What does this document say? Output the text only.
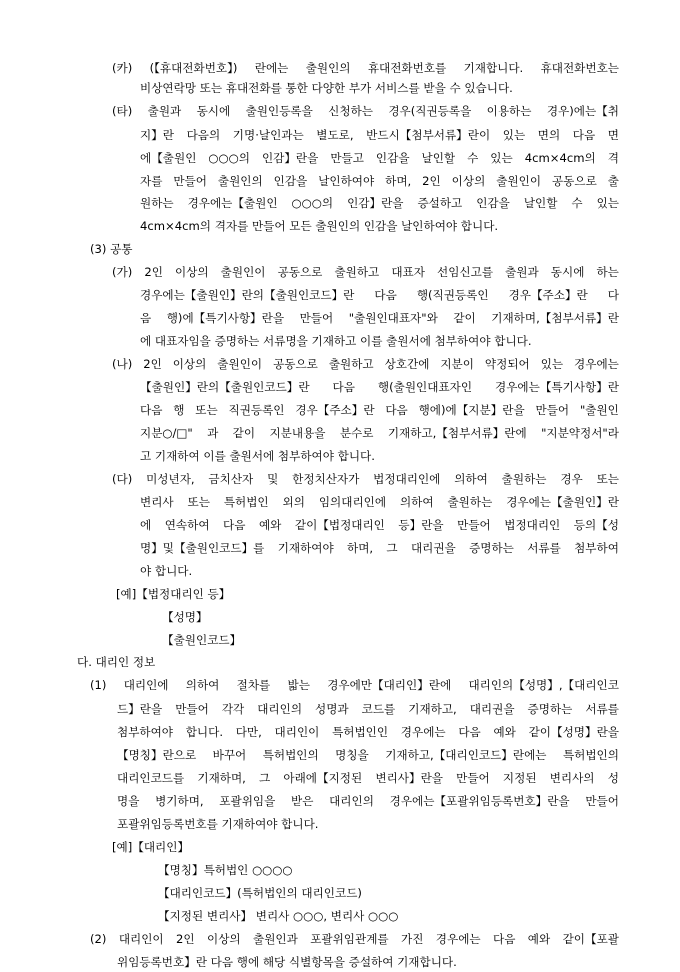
(카) (【휴대전화번호】) 란에는 출원인의 휴대전화번호를 기재합니다. 휴대전화번호는
비상연락망 또는 휴대전화를 통한 다양한 부가 서비스를 받을 수 있습니다.
(타) 출원과 동시에 출원인등록을 신청하는 경우(직권등록을 이용하는 경우)에는【취
지】란 다음의 기명·날인과는 별도로, 반드시【첨부서류】란이 있는 면의 다음 면
에【출원인 ○○○의 인감】란을 만들고 인감을 날인할 수 있는 4cm×4cm의 격
자를 만들어 출원인의 인감을 날인하여야 하며, 2인 이상의 출원인이 공동으로 출
원하는 경우에는【출원인 ○○○의 인감】란을 증설하고 인감을 날인할 수 있는
4cm×4cm의 격자를 만들어 모든 출원인의 인감을 날인하여야 합니다.
(3) 공통
(가) 2인 이상의 출원인이 공동으로 출원하고 대표자 선임신고를 출원과 동시에 하는
경우에는【출원인】란의【출원인코드】란 다음 행(직권등록인 경우【주소】란 다
음 행)에【특기사항】란을 만들어 "출원인대표자"와 같이 기재하며,【첨부서류】란
에 대표자임을 증명하는 서류명을 기재하고 이를 출원서에 첨부하여야 합니다.
(나) 2인 이상의 출원인이 공동으로 출원하고 상호간에 지분이 약정되어 있는 경우에는
【출원인】란의【출원인코드】란 다음 행(출원인대표자인 경우에는【특기사항】란
다음 행 또는 직권등록인 경우【주소】란 다음 행에)에【지분】란을 만들어 "출원인
지분○/□" 과 같이 지분내용을 분수로 기재하고,【첨부서류】란에 "지분약정서"라
고 기재하여 이를 출원서에 첨부하여야 합니다.
(다) 미성년자, 금치산자 및 한정치산자가 법정대리인에 의하여 출원하는 경우 또는
변리사 또는 특허법인 외의 임의대리인에 의하여 출원하는 경우에는【출원인】란
에 연속하여 다음 예와 같이【법정대리인 등】란을 만들어 법정대리인 등의【성
명】및【출원인코드】를 기재하여야 하며, 그 대리권을 증명하는 서류를 첨부하여
야 합니다.
[예]【법정대리인 등】
【성명】
【출원인코드】
다. 대리인 정보
(1) 대리인에 의하여 절차를 밟는 경우에만【대리인】란에 대리인의【성명】,【대리인코
드】란을 만들어 각각 대리인의 성명과 코드를 기재하고, 대리권을 증명하는 서류를
첨부하여야 합니다. 다만, 대리인이 특허법인인 경우에는 다음 예와 같이【성명】란을
【명칭】란으로 바꾸어 특허법인의 명칭을 기재하고,【대리인코드】란에는 특허법인의
대리인코드를 기재하며, 그 아래에【지정된 변리사】란을 만들어 지정된 변리사의 성
명을 병기하며, 포괄위임을 받은 대리인의 경우에는【포괄위임등록번호】란을 만들어
포괄위임등록번호를 기재하여야 합니다.
[예]【대리인】
【명칭】특허법인 ○○○○
【대리인코드】(특허법인의 대리인코드)
【지정된 변리사】 변리사 ○○○, 변리사 ○○○
(2) 대리인이 2인 이상의 출원인과 포괄위임관계를 가진 경우에는 다음 예와 같이【포괄
위임등록번호】란 다음 행에 해당 식별항목을 증설하여 기재합니다.
